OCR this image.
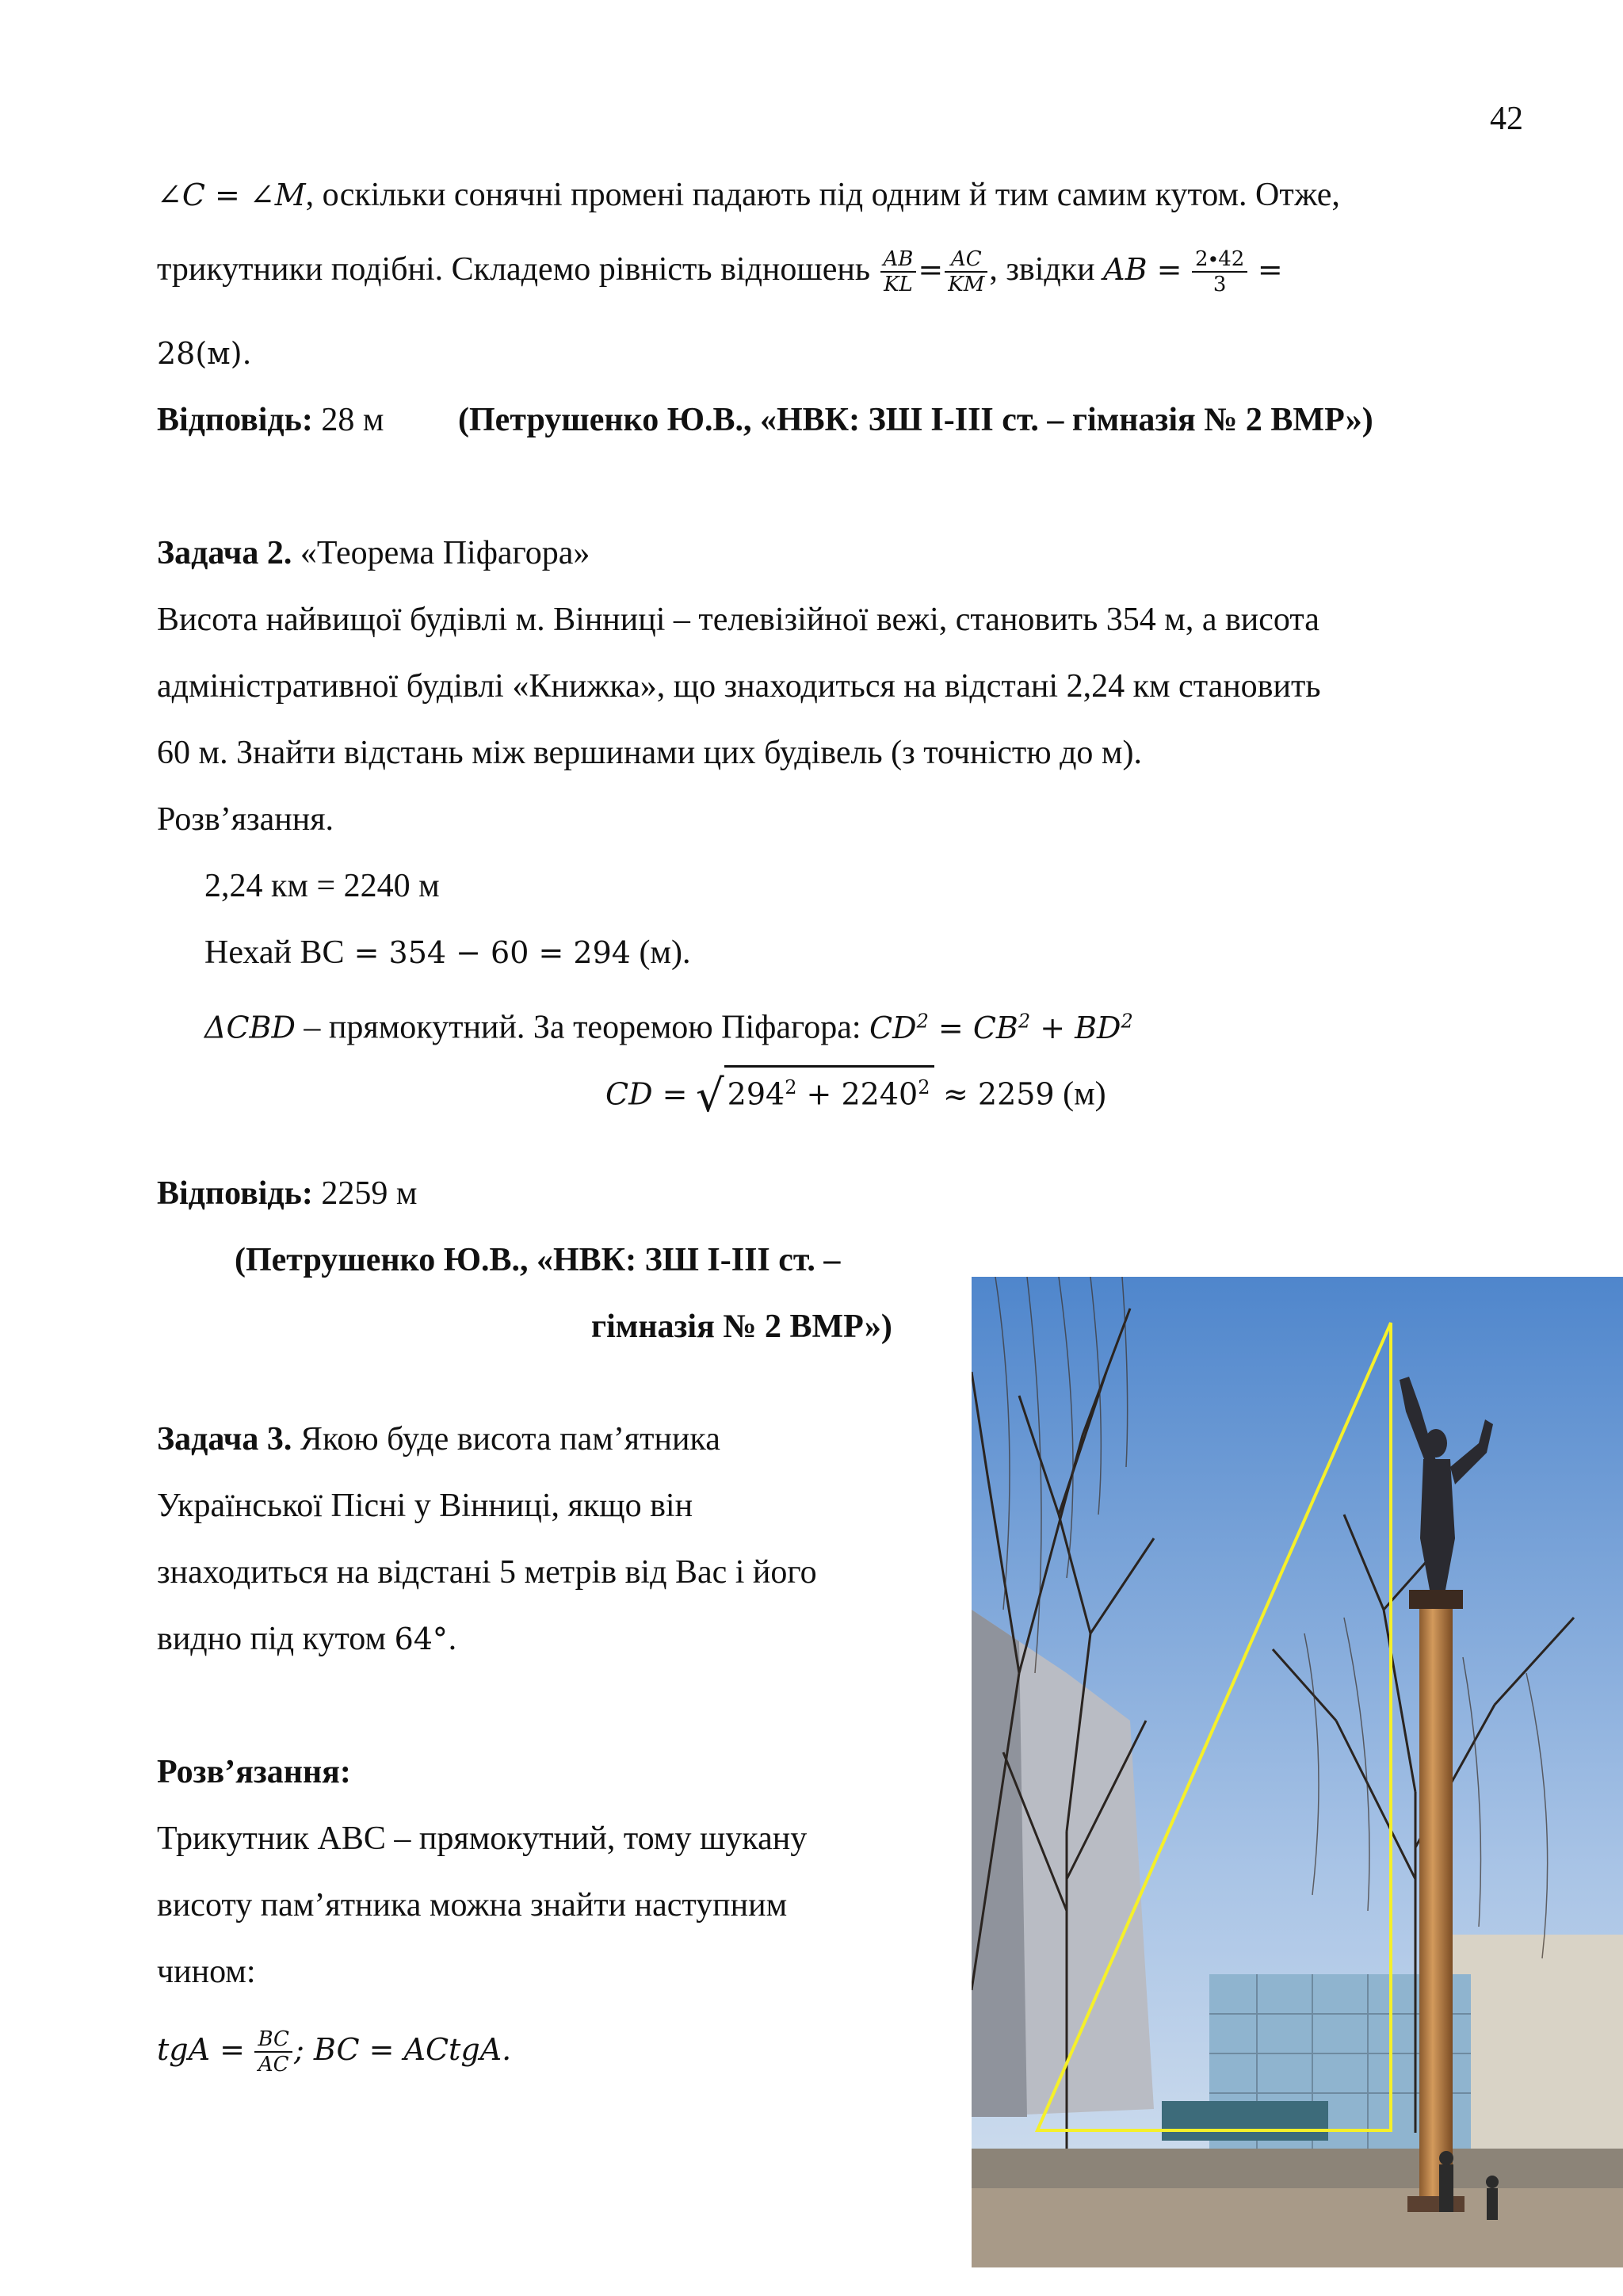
42
∠C = ∠M, оскільки сонячні промені падають під одним й тим самим кутом. Отже,
трикутники подібні. Складемо рівність відношень $\frac{AB}{KL} = \frac{AC}{KM}$ , звідки AB = $\frac{2\cdot 42}{3}$ =
28(м).
Відповідь: 28 м (Петрушенко Ю.В., «НВК: ЗШ І-ІІІ ст. – гімназія № 2 ВМР»)
Задача 2. «Теорема Піфагора»
Висота найвищої будівлі м. Вінниці – телевізійної вежі, становить 354 м, а висота
адміністративної будівлі «Книжка», що знаходиться на відстані 2,24 км становить
60 м. Знайти відстань між вершинами цих будівель (з точністю до м).
Розв’язання.
2,24 км = 2240 м
Нехай ВС = 354 − 60 = 294 (м).
ΔCBD – прямокутний. За теоремою Піфагора: $CD^2 = CB^2 + BD^2$
CD = √ $294^2 + 2240^2 \approx 2259$ (м)
Відповідь: 2259 м
(Петрушенко Ю.В., «НВК: ЗШ І-ІІІ ст. –
гімназія № 2 ВМР»)
Задача 3. Якою буде висота пам’ятника
Української Пісні у Вінниці, якщо він
знаходиться на відстані 5 метрів від Вас і його
видно під кутом 64°.
Розв’язання:
Трикутник АВС – прямокутний, тому шукану
висоту пам’ятника можна знайти наступним
чином:
tgA = $\frac{BC}{AC}$ ; BC = ACtgA.
